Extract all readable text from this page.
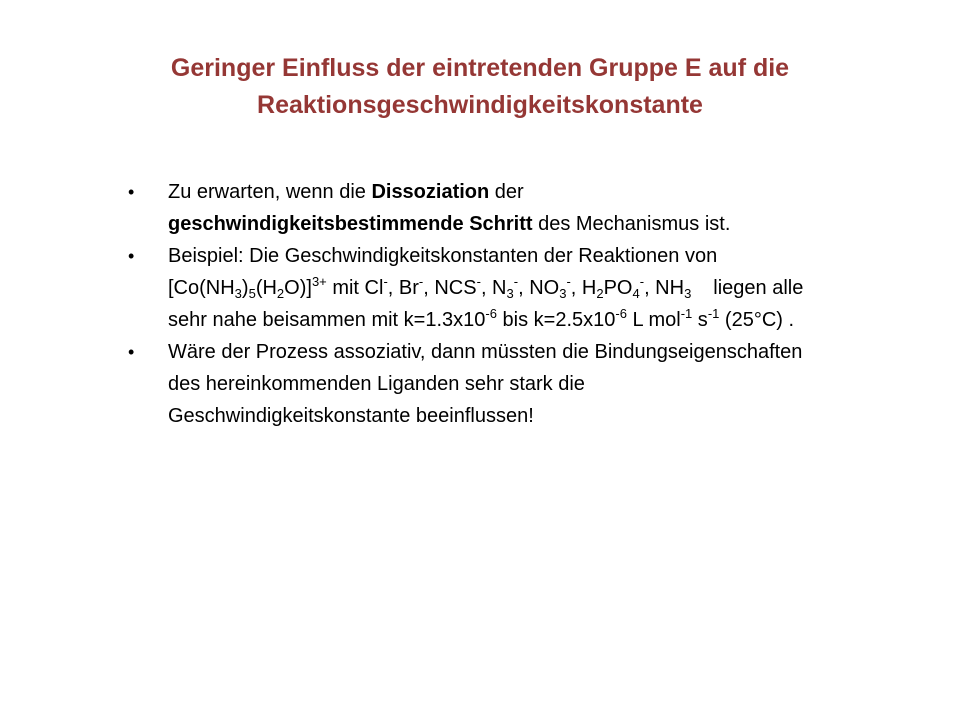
Geringer Einfluss der eintretenden Gruppe E auf die
Reaktionsgeschwindigkeitskonstante
• Zu erwarten, wenn die Dissoziation der
geschwindigkeitsbestimmende Schritt des Mechanismus ist.
• Beispiel: Die Geschwindigkeitskonstanten der Reaktionen von $[Co(NH_3)_5(H_2O)]^{3+}$ mit Cl-, Br-, NCS-, $N_3^-$, $NO_3^-$, $H_2PO_4^-$, $NH_3$ liegen alle sehr nahe beisammen mit $k=1.3x10^{-6}$ bis $k=2.5x10^{-6}$ L mol$^{-1}$ $s^{-1}$ (25°C) .
• Wäre der Prozess assoziativ, dann müssten die Bindungseigenschaften des hereinkommenden Liganden sehr stark die Geschwindigkeitskonstante beeinflussen!
